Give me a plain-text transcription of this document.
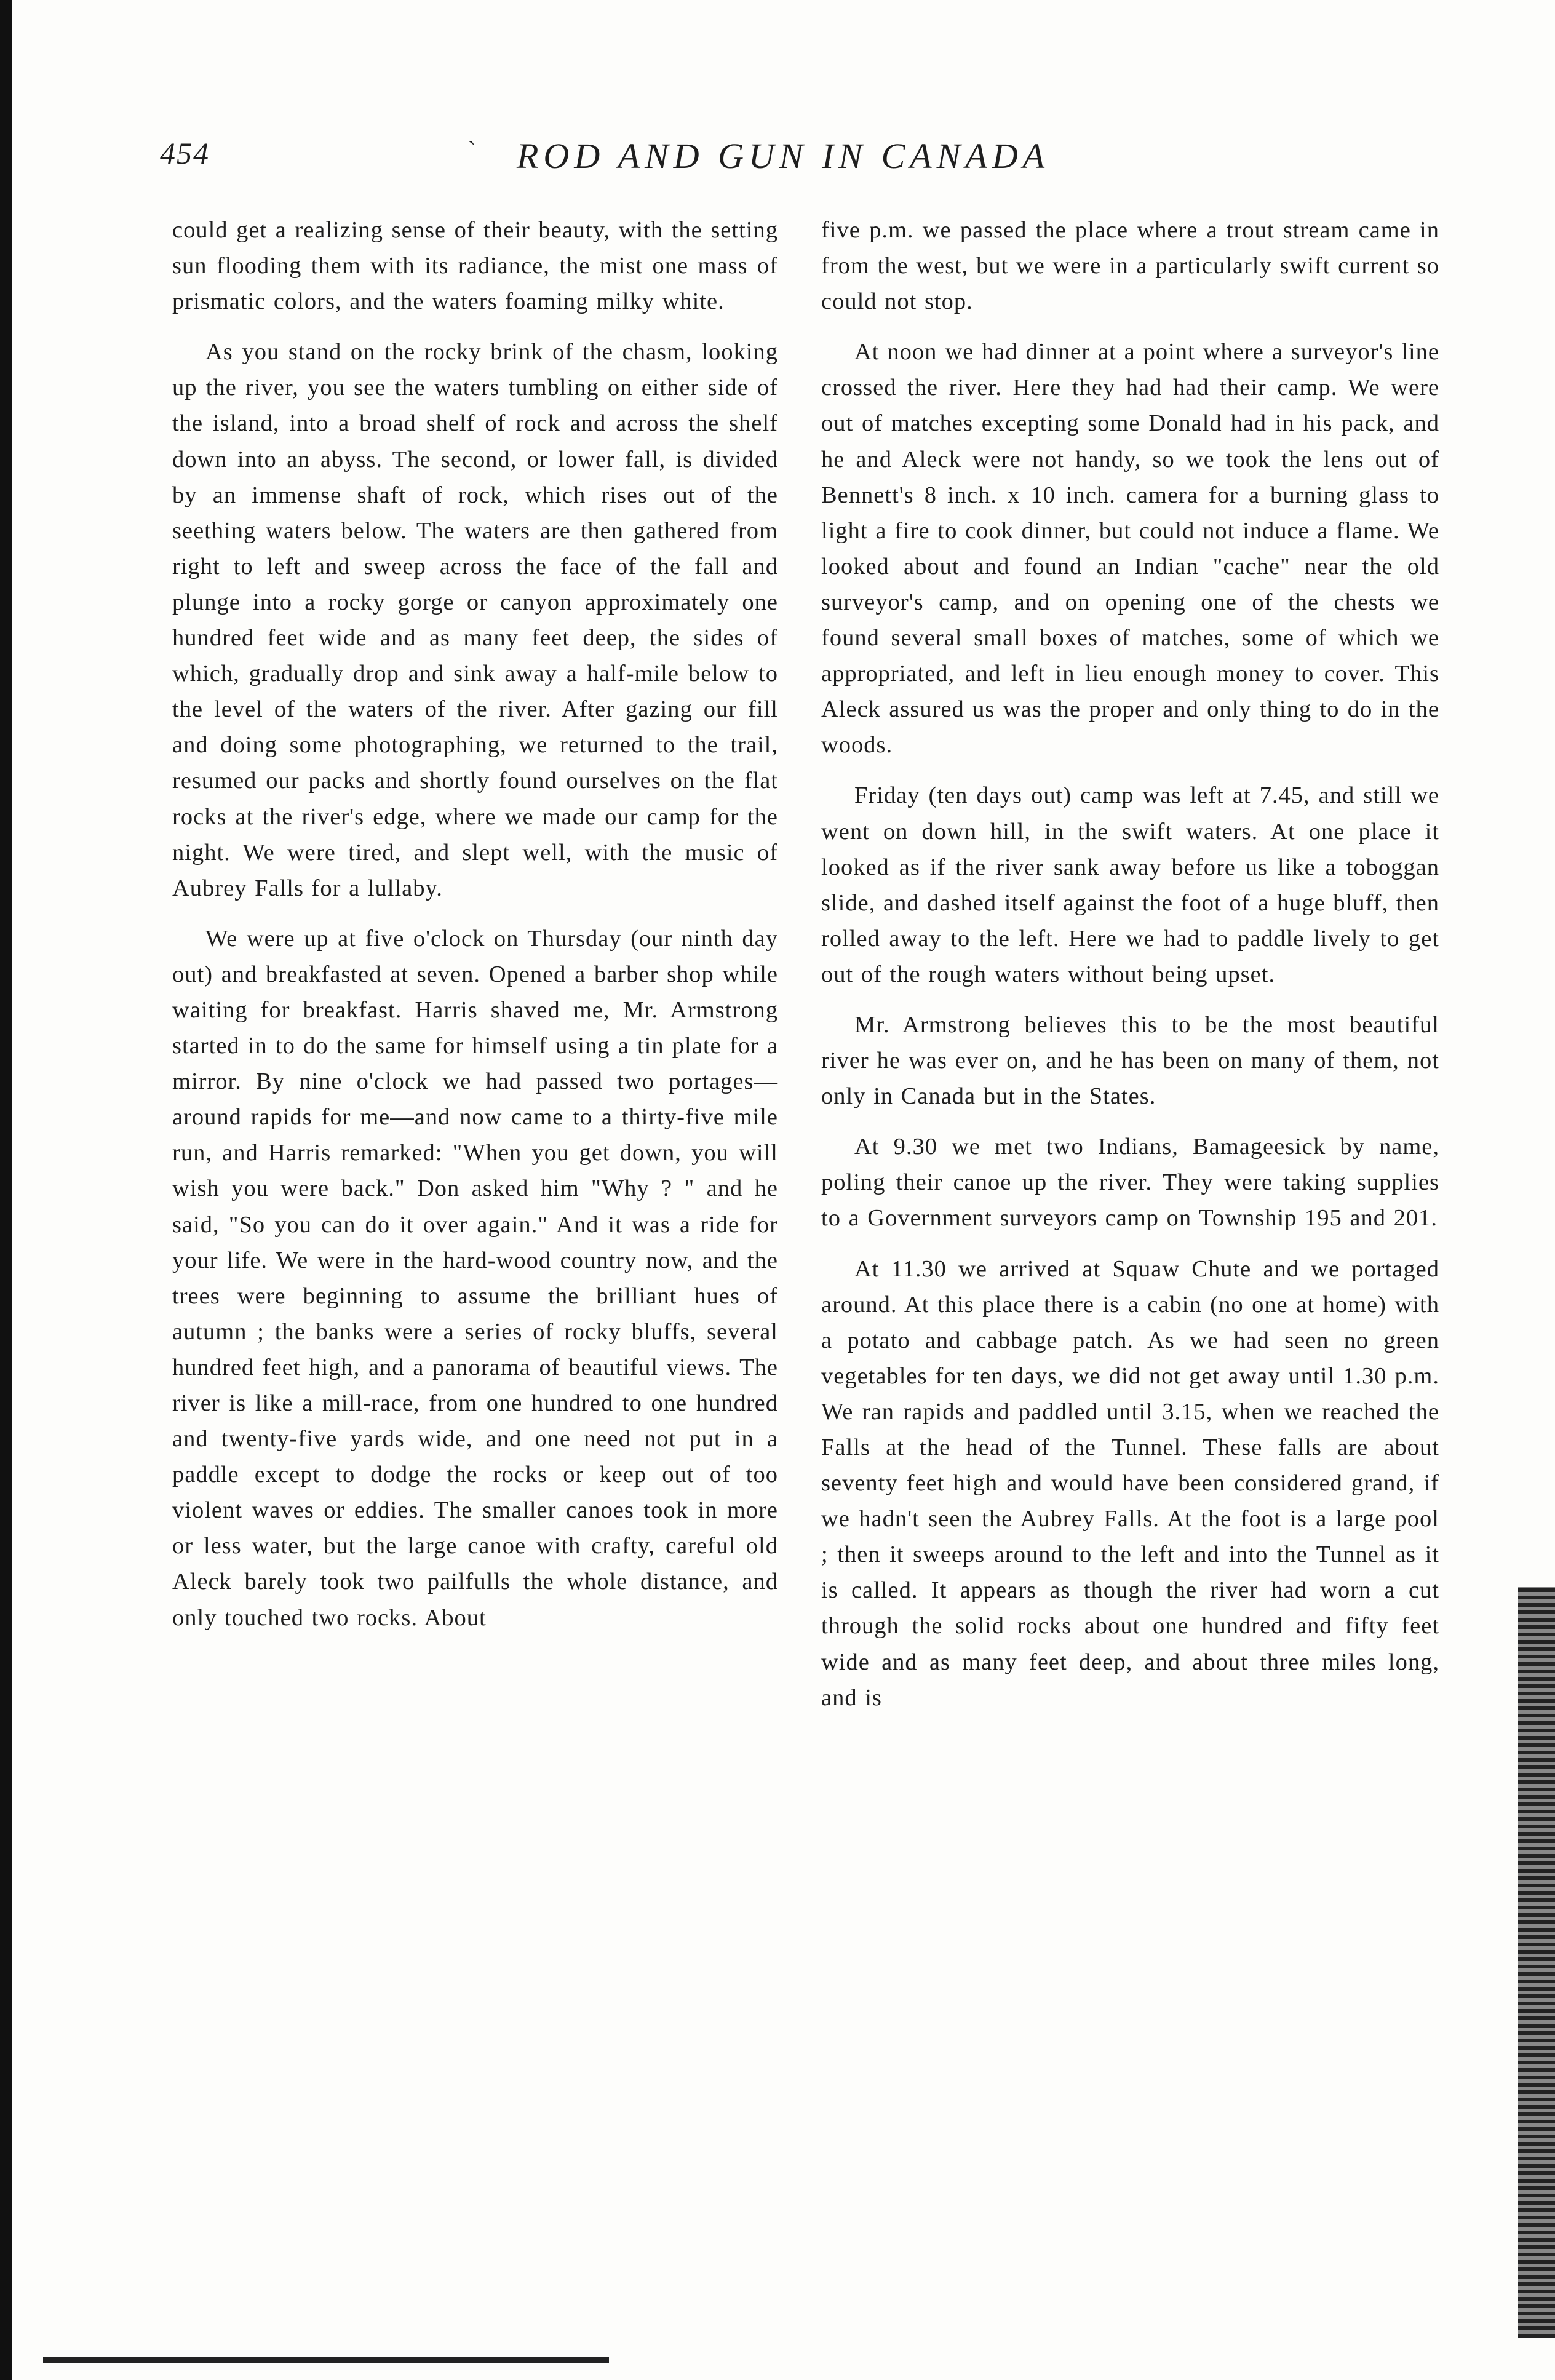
454	` ROD AND GUN IN CANADA

could get a realizing sense of their beauty, with the setting sun flooding them with its radiance, the mist one mass of prismatic colors, and the waters foaming milky white.

As you stand on the rocky brink of the chasm, looking up the river, you see the waters tumbling on either side of the island, into a broad shelf of rock and across the shelf down into an abyss. The second, or lower fall, is divided by an immense shaft of rock, which rises out of the seething waters below. The waters are then gathered from right to left and sweep across the face of the fall and plunge into a rocky gorge or canyon approximately one hundred feet wide and as many feet deep, the sides of which, gradually drop and sink away a half-mile below to the level of the waters of the river. After gazing our fill and doing some photographing, we returned to the trail, resumed our packs and shortly found ourselves on the flat rocks at the river's edge, where we made our camp for the night. We were tired, and slept well, with the music of Aubrey Falls for a lullaby.

We were up at five o'clock on Thursday (our ninth day out) and breakfasted at seven. Opened a barber shop while waiting for breakfast. Harris shaved me, Mr. Armstrong started in to do the same for himself using a tin plate for a mirror. By nine o'clock we had passed two portages—around rapids for me—and now came to a thirty-five mile run, and Harris remarked: "When you get down, you will wish you were back." Don asked him "Why ? " and he said, "So you can do it over again." And it was a ride for your life. We were in the hard-wood country now, and the trees were beginning to assume the brilliant hues of autumn ; the banks were a series of rocky bluffs, several hundred feet high, and a panorama of beautiful views. The river is like a mill-race, from one hundred to one hundred and twenty-five yards wide, and one need not put in a paddle except to dodge the rocks or keep out of too violent waves or eddies. The smaller canoes took in more or less water, but the large canoe with crafty, careful old Aleck barely took two pailfulls the whole distance, and only touched two rocks. About

five p.m. we passed the place where a trout stream came in from the west, but we were in a particularly swift current so could not stop.

At noon we had dinner at a point where a surveyor's line crossed the river. Here they had had their camp. We were out of matches excepting some Donald had in his pack, and he and Aleck were not handy, so we took the lens out of Bennett's 8 inch. x 10 inch. camera for a burning glass to light a fire to cook dinner, but could not induce a flame. We looked about and found an Indian "cache" near the old surveyor's camp, and on opening one of the chests we found several small boxes of matches, some of which we appropriated, and left in lieu enough money to cover. This Aleck assured us was the proper and only thing to do in the woods.

Friday (ten days out) camp was left at 7.45, and still we went on down hill, in the swift waters. At one place it looked as if the river sank away before us like a toboggan slide, and dashed itself against the foot of a huge bluff, then rolled away to the left. Here we had to paddle lively to get out of the rough waters without being upset.

Mr. Armstrong believes this to be the most beautiful river he was ever on, and he has been on many of them, not only in Canada but in the States.

At 9.30 we met two Indians, Bamageesick by name, poling their canoe up the river. They were taking supplies to a Government surveyors camp on Township 195 and 201.

At 11.30 we arrived at Squaw Chute and we portaged around. At this place there is a cabin (no one at home) with a potato and cabbage patch. As we had seen no green vegetables for ten days, we did not get away until 1.30 p.m. We ran rapids and paddled until 3.15, when we reached the Falls at the head of the Tunnel. These falls are about seventy feet high and would have been considered grand, if we hadn't seen the Aubrey Falls. At the foot is a large pool ; then it sweeps around to the left and into the Tunnel as it is called. It appears as though the river had worn a cut through the solid rocks about one hundred and fifty feet wide and as many feet deep, and about three miles long, and is
